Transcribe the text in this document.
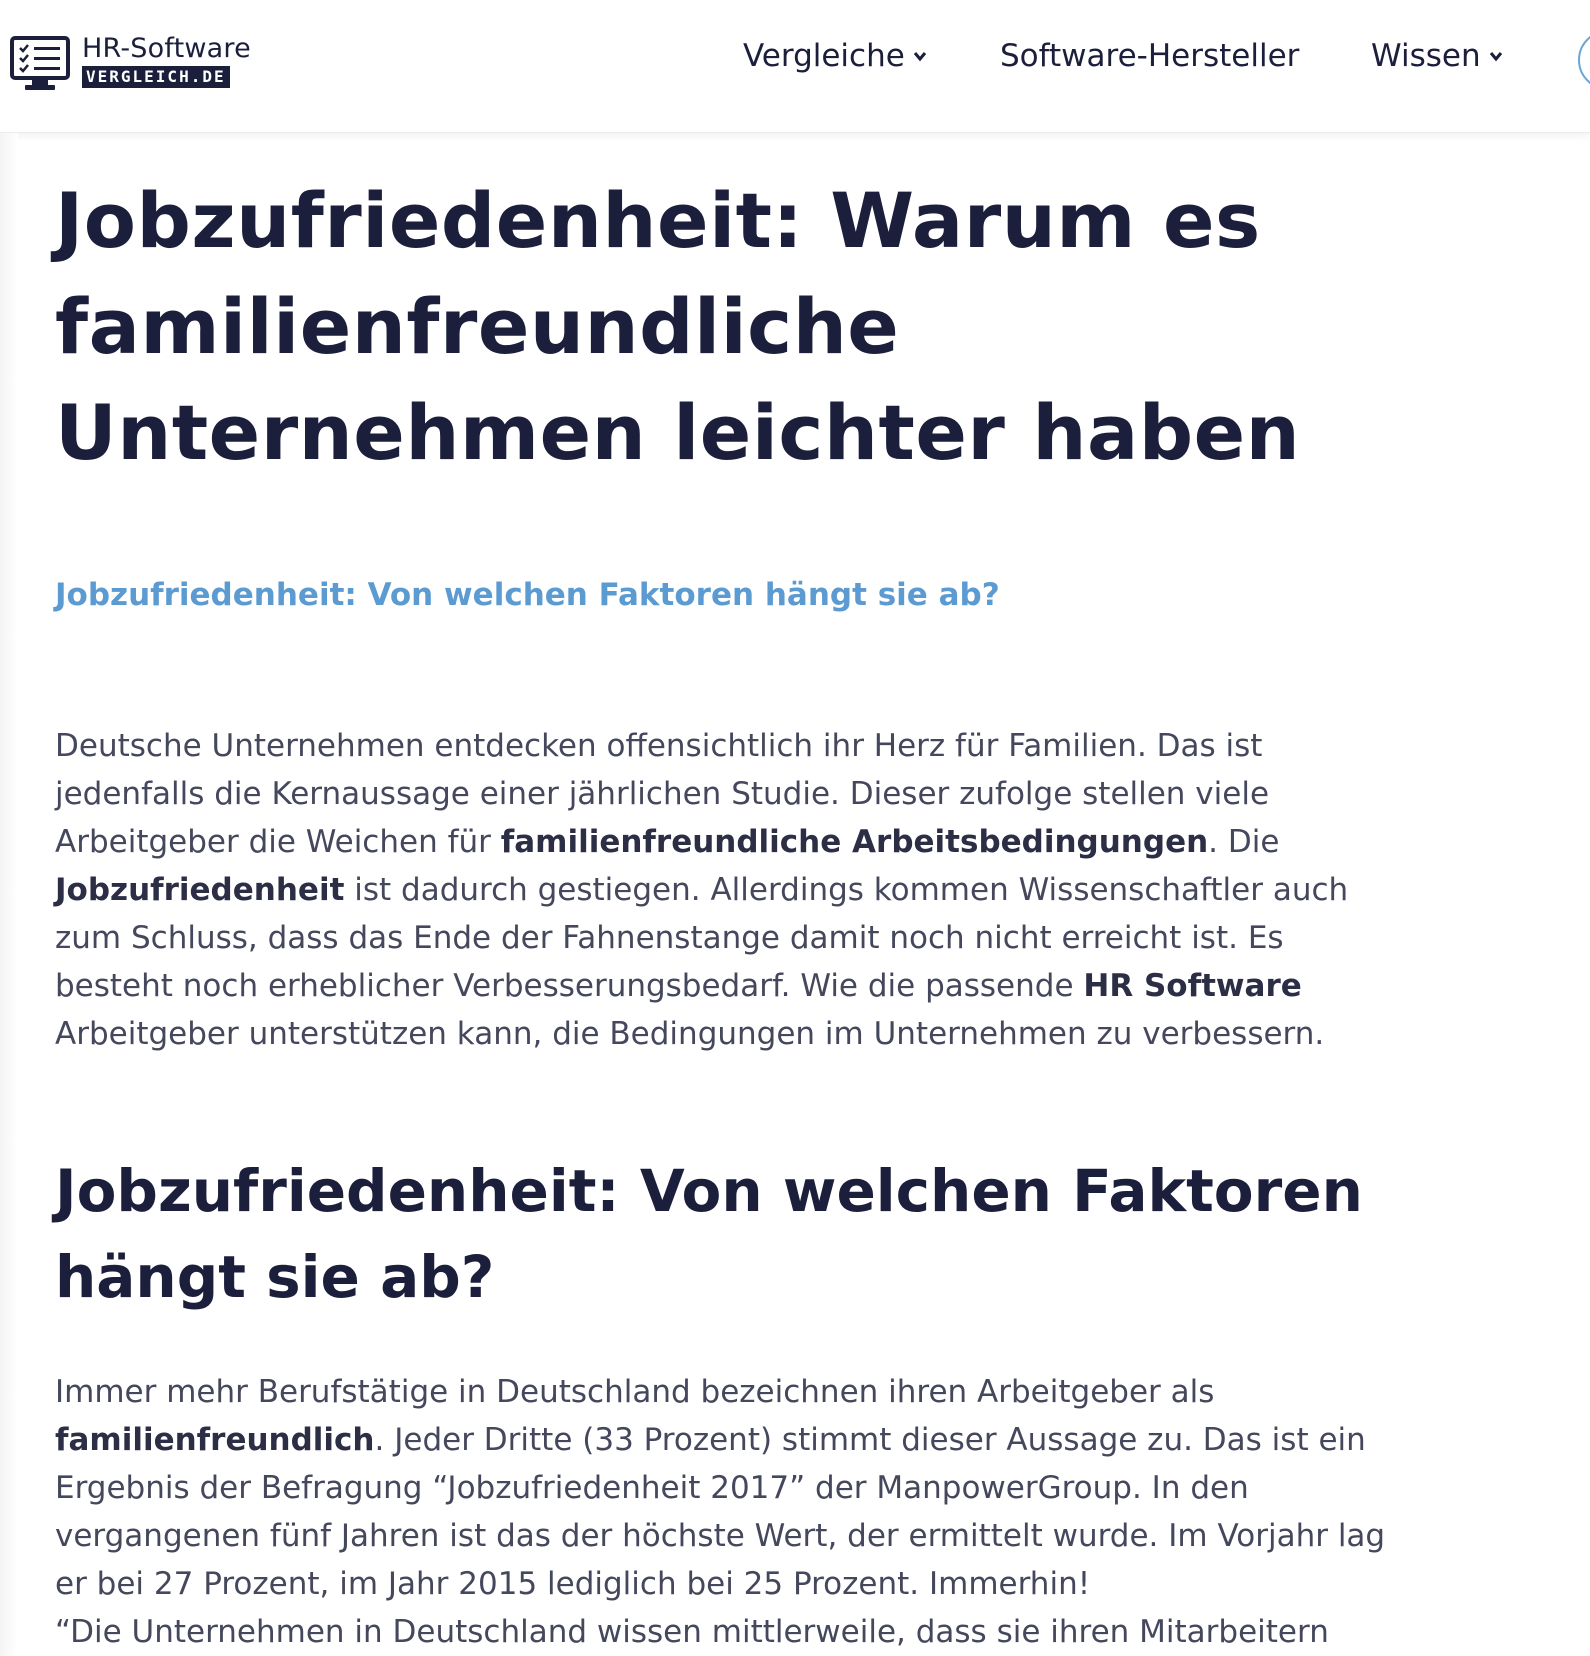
HR-Software
VERGLEICH.DE
Vergleiche	Software-Hersteller Wissen
Jobzufriedenheit: Warum es
familienfreundliche
Unternehmen leichter haben
Jobzufriedenheit: Von welchen Faktoren hängt sie ab?
Deutsche Unternehmen entdecken offensichtlich ihr Herz für Familien. Das ist
jedenfalls die Kernaussage einer jährlichen Studie. Dieser zufolge stellen viele
Arbeitgeber die Weichen für familienfreundliche Arbeitsbedingungen. Die
Jobzufriedenheit ist dadurch gestiegen. Allerdings kommen Wissenschaftler auch
zum Schluss, dass das Ende der Fahnenstange damit noch nicht erreicht ist. Es
besteht noch erheblicher Verbesserungsbedarf. Wie die passende HR Software
Arbeitgeber unterstützen kann, die Bedingungen im Unternehmen zu verbessern.
Jobzufriedenheit: Von welchen Faktoren
hängt sie ab?
Immer mehr Berufstätige in Deutschland bezeichnen ihren Arbeitgeber als
familienfreundlich. Jeder Dritte (33 Prozent) stimmt dieser Aussage zu. Das ist ein
Ergebnis der Befragung “Jobzufriedenheit 2017” der ManpowerGroup. In den
vergangenen fünf Jahren ist das der höchste Wert, der ermittelt wurde. Im Vorjahr lag
er bei 27 Prozent, im Jahr 2015 lediglich bei 25 Prozent. Immerhin!
“Die Unternehmen in Deutschland wissen mittlerweile, dass sie ihren Mitarbeitern
